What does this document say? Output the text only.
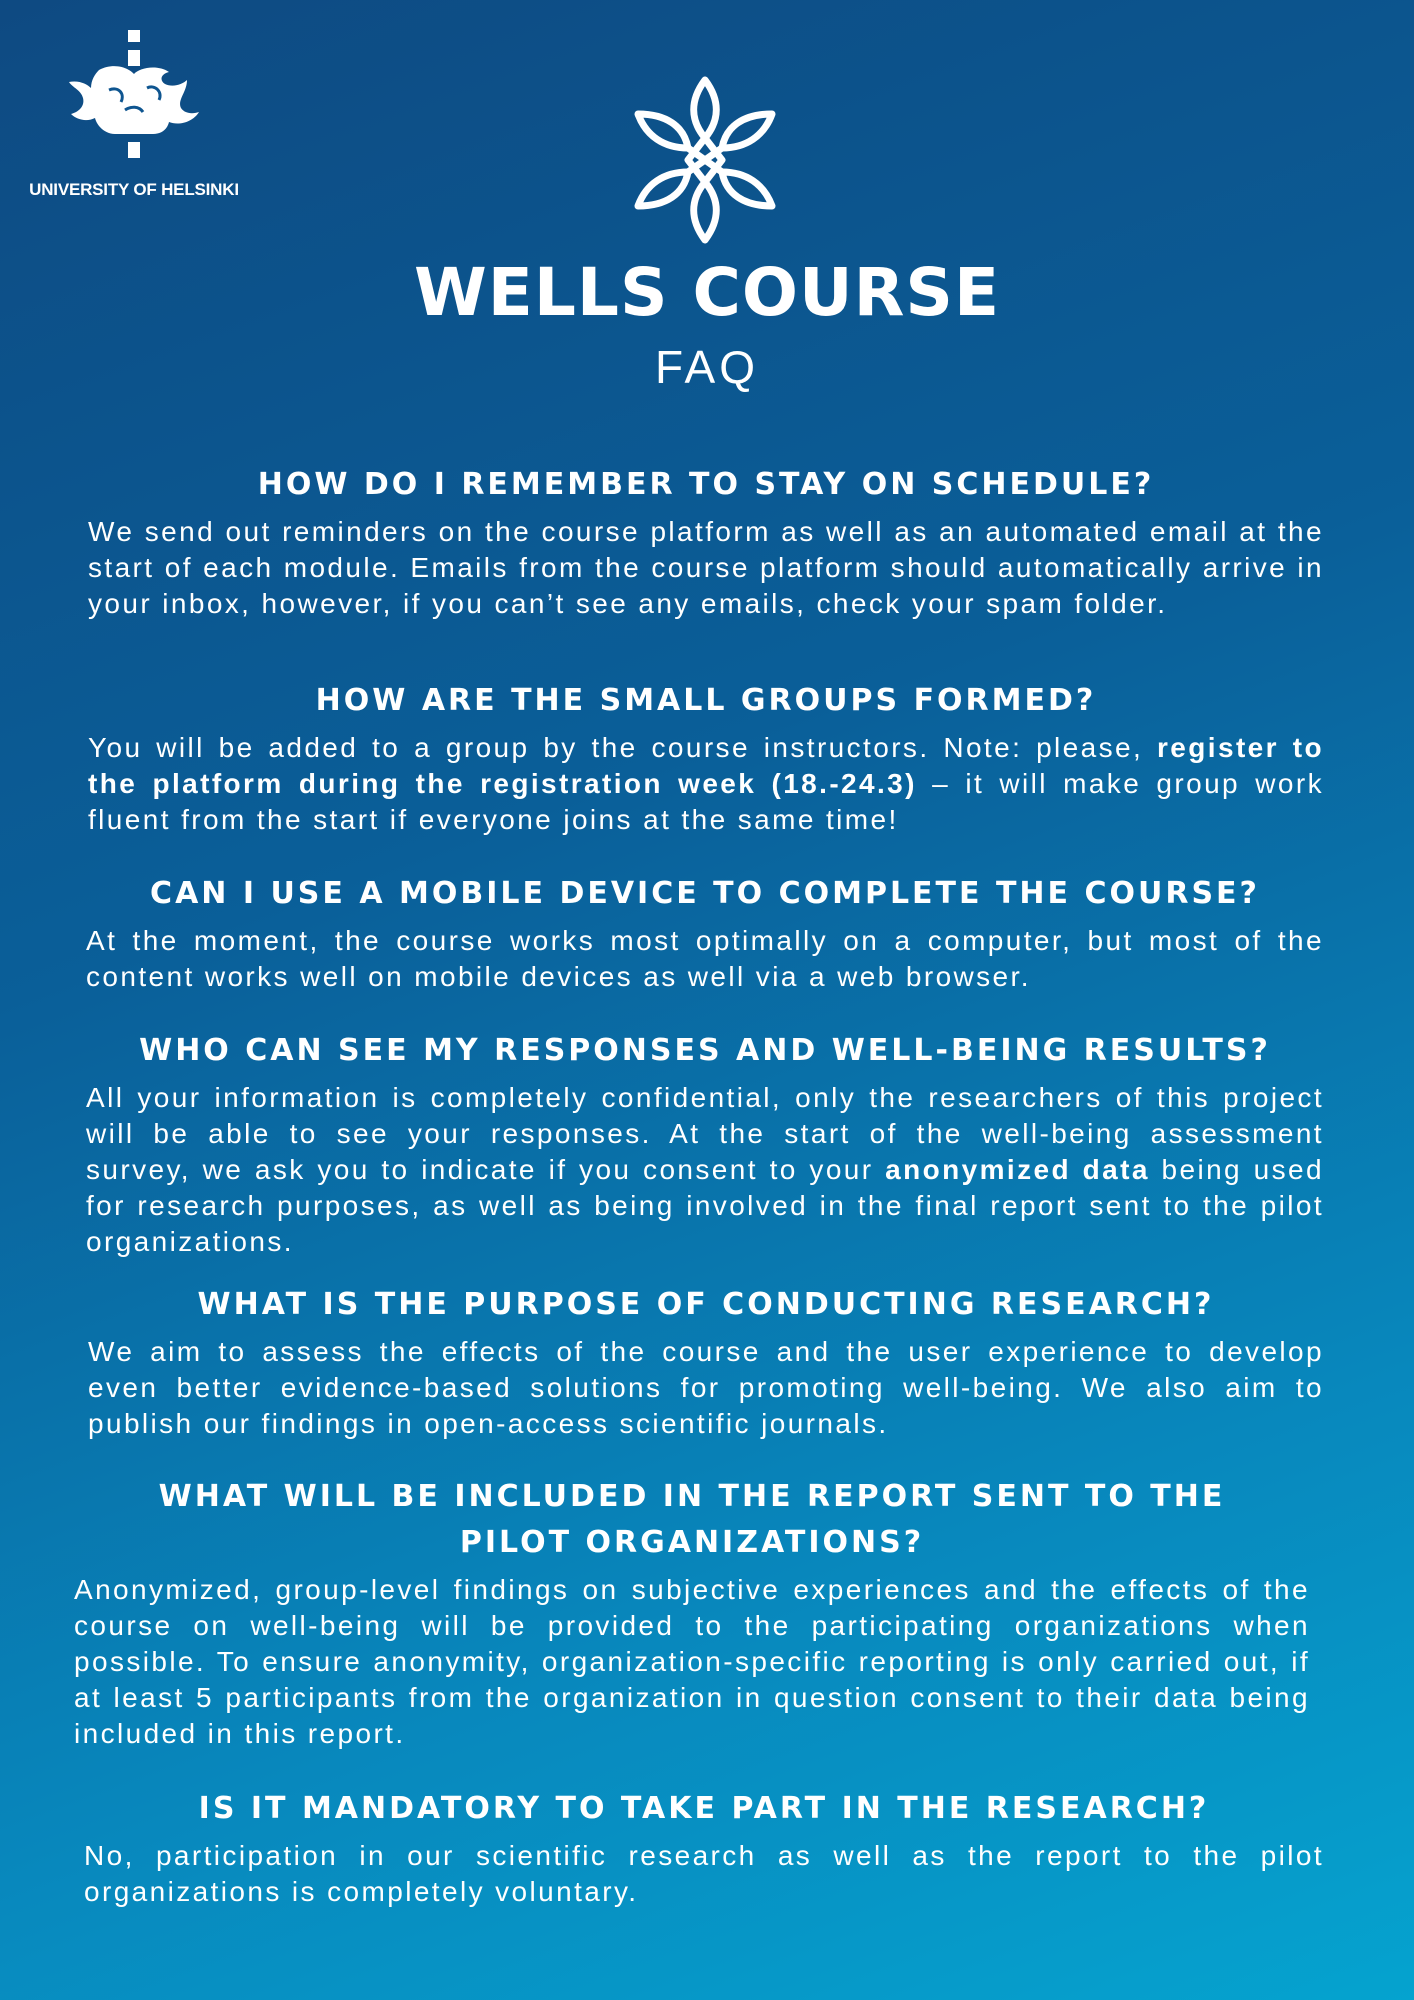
UNIVERSITY OF HELSINKI
WELLS COURSE
FAQ
HOW DO I REMEMBER TO STAY ON SCHEDULE?

We send out reminders on the course platform as well as an automated email at the start of each module. Emails from the course platform should automatically arrive in your inbox, however, if you can’t see any emails, check your spam folder.

HOW ARE THE SMALL GROUPS FORMED?

You will be added to a group by the course instructors. Note: please, register to the platform during the registration week (18.-24.3) – it will make group work fluent from the start if everyone joins at the same time!

CAN I USE A MOBILE DEVICE TO COMPLETE THE COURSE?

At the moment, the course works most optimally on a computer, but most of the content works well on mobile devices as well via a web browser.

WHO CAN SEE MY RESPONSES AND WELL-BEING RESULTS?

All your information is completely confidential, only the researchers of this project will be able to see your responses. At the start of the well-being assessment survey, we ask you to indicate if you consent to your anonymized data being used for research purposes, as well as being involved in the final report sent to the pilot organizations.

WHAT IS THE PURPOSE OF CONDUCTING RESEARCH?

We aim to assess the effects of the course and the user experience to develop even better evidence-based solutions for promoting well-being. We also aim to publish our findings in open-access scientific journals.

WHAT WILL BE INCLUDED IN THE REPORT SENT TO THE PILOT ORGANIZATIONS?

Anonymized, group-level findings on subjective experiences and the effects of the course on well-being will be provided to the participating organizations when possible. To ensure anonymity, organization-specific reporting is only carried out, if at least 5 participants from the organization in question consent to their data being included in this report.

IS IT MANDATORY TO TAKE PART IN THE RESEARCH?

No, participation in our scientific research as well as the report to the pilot organizations is completely voluntary.
